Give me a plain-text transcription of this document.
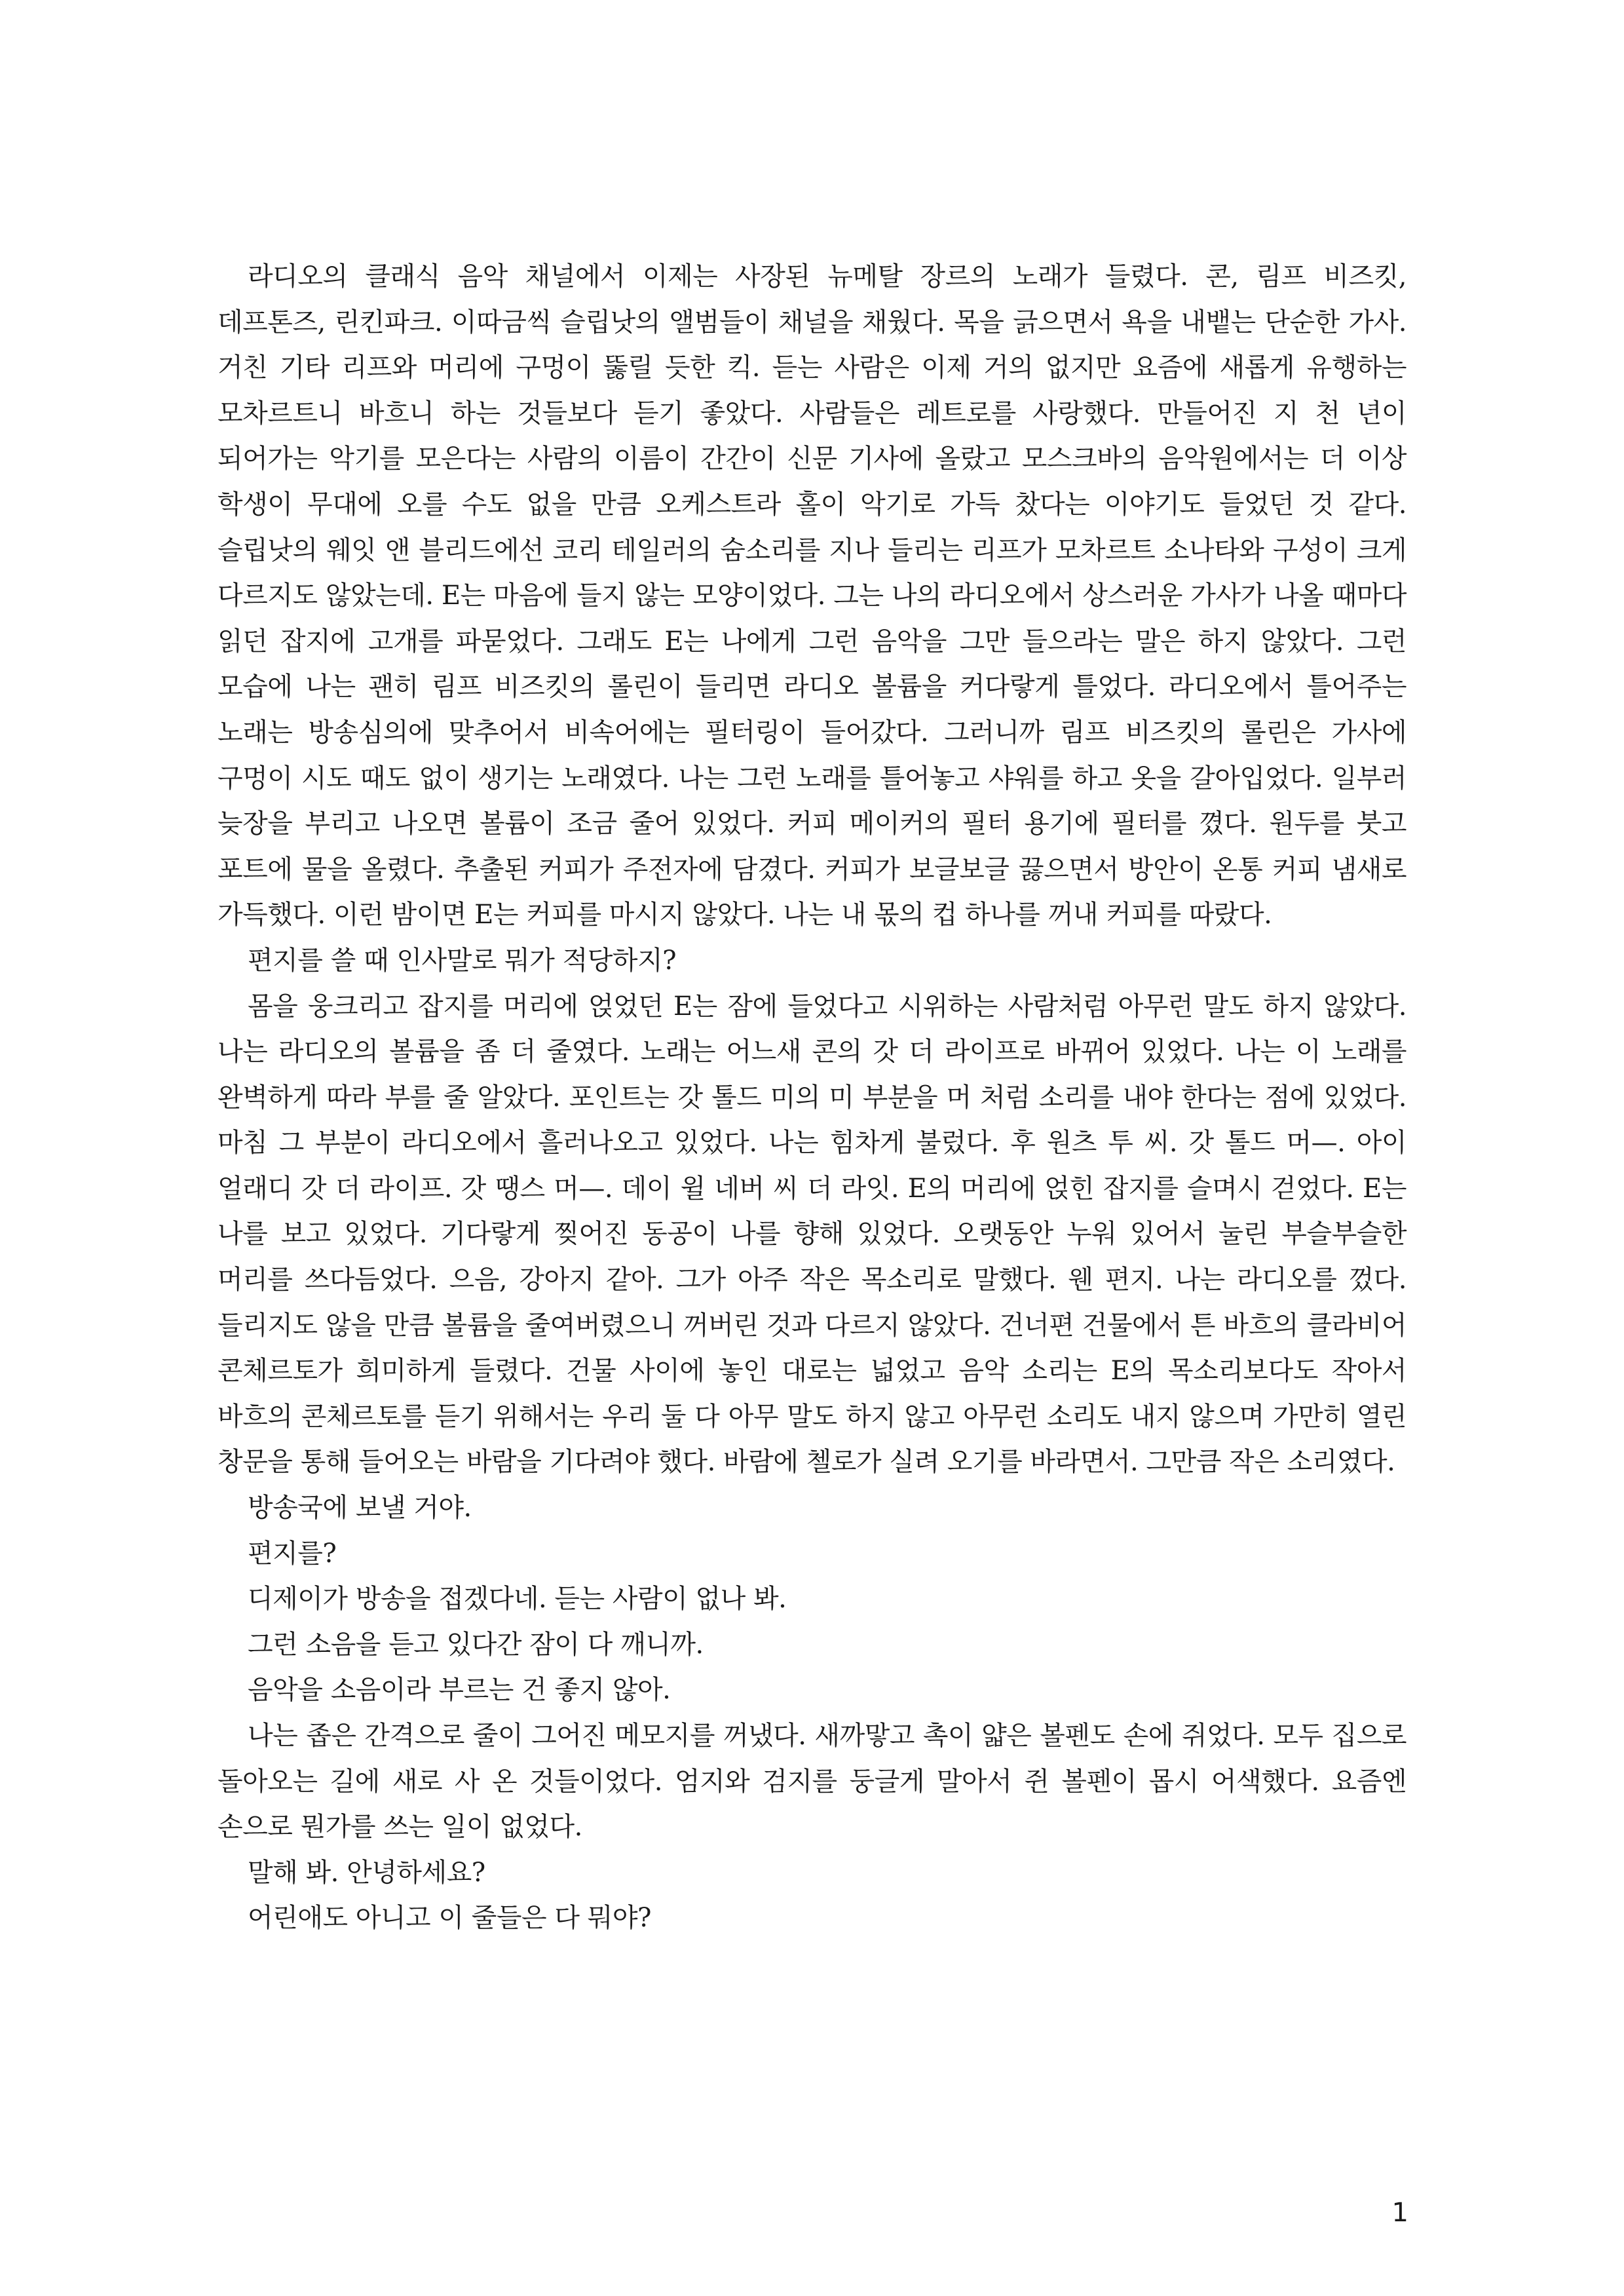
라디오의 클래식 음악 채널에서 이제는 사장된 뉴메탈 장르의 노래가 들렸다. 콘, 림프 비즈킷, 데프톤즈, 린킨파크. 이따금씩 슬립낫의 앨범들이 채널을 채웠다. 목을 긁으면서 욕을 내뱉는 단순한 가사. 거친 기타 리프와 머리에 구멍이 뚫릴 듯한 킥. 듣는 사람은 이제 거의 없지만 요즘에 새롭게 유행하는 모차르트니 바흐니 하는 것들보다 듣기 좋았다. 사람들은 레트로를 사랑했다. 만들어진 지 천 년이 되어가는 악기를 모은다는 사람의 이름이 간간이 신문 기사에 올랐고 모스크바의 음악원에서는 더 이상 학생이 무대에 오를 수도 없을 만큼 오케스트라 홀이 악기로 가득 찼다는 이야기도 들었던 것 같다. 슬립낫의 웨잇 앤 블리드에선 코리 테일러의 숨소리를 지나 들리는 리프가 모차르트 소나타와 구성이 크게 다르지도 않았는데. E는 마음에 들지 않는 모양이었다. 그는 나의 라디오에서 상스러운 가사가 나올 때마다 읽던 잡지에 고개를 파묻었다. 그래도 E는 나에게 그런 음악을 그만 들으라는 말은 하지 않았다. 그런 모습에 나는 괜히 림프 비즈킷의 롤린이 들리면 라디오 볼륨을 커다랗게 틀었다. 라디오에서 틀어주는 노래는 방송심의에 맞추어서 비속어에는 필터링이 들어갔다. 그러니까 림프 비즈킷의 롤린은 가사에 구멍이 시도 때도 없이 생기는 노래였다. 나는 그런 노래를 틀어놓고 샤워를 하고 옷을 갈아입었다. 일부러 늦장을 부리고 나오면 볼륨이 조금 줄어 있었다. 커피 메이커의 필터 용기에 필터를 꼈다. 원두를 붓고 포트에 물을 올렸다. 추출된 커피가 주전자에 담겼다. 커피가 보글보글 끓으면서 방안이 온통 커피 냄새로 가득했다. 이런 밤이면 E는 커피를 마시지 않았다. 나는 내 몫의 컵 하나를 꺼내 커피를 따랐다.

편지를 쓸 때 인사말로 뭐가 적당하지?

몸을 웅크리고 잡지를 머리에 얹었던 E는 잠에 들었다고 시위하는 사람처럼 아무런 말도 하지 않았다. 나는 라디오의 볼륨을 좀 더 줄였다. 노래는 어느새 콘의 갓 더 라이프로 바뀌어 있었다. 나는 이 노래를 완벽하게 따라 부를 줄 알았다. 포인트는 갓 톨드 미의 미 부분을 머 처럼 소리를 내야 한다는 점에 있었다. 마침 그 부분이 라디오에서 흘러나오고 있었다. 나는 힘차게 불렀다. 후 원츠 투 씨. 갓 톨드 머—. 아이 얼래디 갓 더 라이프. 갓 땡스 머—. 데이 윌 네버 씨 더 라잇. E의 머리에 얹힌 잡지를 슬며시 걷었다. E는 나를 보고 있었다. 기다랗게 찢어진 동공이 나를 향해 있었다. 오랫동안 누워 있어서 눌린 부슬부슬한 머리를 쓰다듬었다. 으음, 강아지 같아. 그가 아주 작은 목소리로 말했다. 웬 편지. 나는 라디오를 껐다. 들리지도 않을 만큼 볼륨을 줄여버렸으니 꺼버린 것과 다르지 않았다. 건너편 건물에서 튼 바흐의 클라비어 콘체르토가 희미하게 들렸다. 건물 사이에 놓인 대로는 넓었고 음악 소리는 E의 목소리보다도 작아서 바흐의 콘체르토를 듣기 위해서는 우리 둘 다 아무 말도 하지 않고 아무런 소리도 내지 않으며 가만히 열린 창문을 통해 들어오는 바람을 기다려야 했다. 바람에 첼로가 실려 오기를 바라면서. 그만큼 작은 소리였다.

방송국에 보낼 거야.

편지를?

디제이가 방송을 접겠다네. 듣는 사람이 없나 봐.

그런 소음을 듣고 있다간 잠이 다 깨니까.

음악을 소음이라 부르는 건 좋지 않아.

나는 좁은 간격으로 줄이 그어진 메모지를 꺼냈다. 새까맣고 촉이 얇은 볼펜도 손에 쥐었다. 모두 집으로 돌아오는 길에 새로 사 온 것들이었다. 엄지와 검지를 둥글게 말아서 쥔 볼펜이 몹시 어색했다. 요즘엔 손으로 뭔가를 쓰는 일이 없었다.

말해 봐. 안녕하세요?

어린애도 아니고 이 줄들은 다 뭐야?

1
